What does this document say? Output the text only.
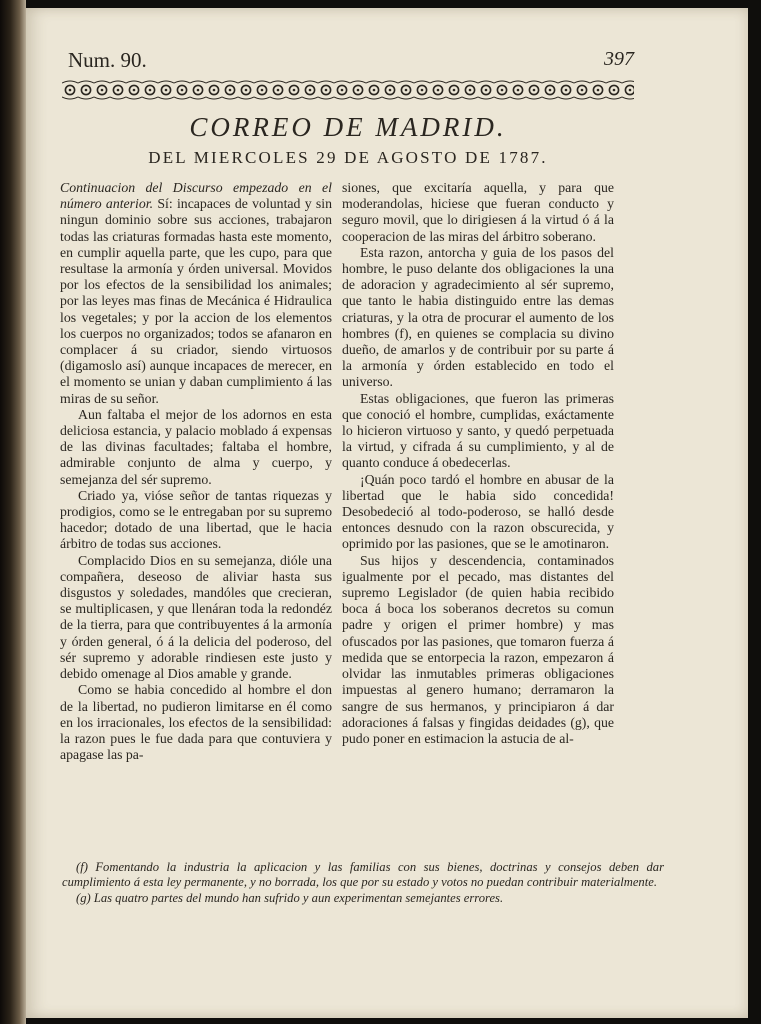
Num. 90.	397
CORREO DE MADRID.
DEL MIERCOLES 29 DE AGOSTO DE 1787.

Continuacion del Discurso empezado en el número anterior. Sí: incapaces de voluntad y sin ningun dominio sobre sus acciones, trabajaron todas las criaturas formadas hasta este momento, en cumplir aquella parte, que les cupo, para que resultase la armonía y órden universal. Movidos por los efectos de la sensibilidad los animales; por las leyes mas finas de Mecánica é Hidraulica los vegetales; y por la accion de los elementos los cuerpos no organizados; todos se afanaron en complacer á su criador, siendo virtuosos (digamoslo así) aunque incapaces de merecer, en el momento se unian y daban cumplimiento á las miras de su señor.

Aun faltaba el mejor de los adornos en esta deliciosa estancia, y palacio moblado á expensas de las divinas facultades; faltaba el hombre, admirable conjunto de alma y cuerpo, y semejanza del sér supremo.

Criado ya, vióse señor de tantas riquezas y prodigios, como se le entregaban por su supremo hacedor; dotado de una libertad, que le hacia árbitro de todas sus acciones.

Complacido Dios en su semejanza, dióle una compañera, deseoso de aliviar hasta sus disgustos y soledades, mandóles que crecieran, se multiplicasen, y que llenáran toda la redondéz de la tierra, para que contribuyentes á la armonía y órden general, ó á la delicia del poderoso, del sér supremo y adorable rindiesen este justo y debido omenage al Dios amable y grande.

Como se habia concedido al hombre el don de la libertad, no pudieron limitarse en él como en los irracionales, los efectos de la sensibilidad: la razon pues le fue dada para que contuviera y apagase las pa-

siones, que excitaría aquella, y para que moderandolas, hiciese que fueran conducto y seguro movil, que lo dirigiesen á la virtud ó á la cooperacion de las miras del árbitro soberano.

Esta razon, antorcha y guia de los pasos del hombre, le puso delante dos obligaciones la una de adoracion y agradecimiento al sér supremo, que tanto le habia distinguido entre las demas criaturas, y la otra de procurar el aumento de los hombres (f), en quienes se complacia su divino dueño, de amarlos y de contribuir por su parte á la armonía y órden establecido en todo el universo.

Estas obligaciones, que fueron las primeras que conoció el hombre, cumplidas, exáctamente lo hicieron virtuoso y santo, y quedó perpetuada la virtud, y cifrada á su cumplimiento, y al de quanto conduce á obedecerlas.

¡Quán poco tardó el hombre en abusar de la libertad que le habia sido concedida! Desobedeció al todo-poderoso, se halló desde entonces desnudo con la razon obscurecida, y oprimido por las pasiones, que se le amotinaron.

Sus hijos y descendencia, contaminados igualmente por el pecado, mas distantes del supremo Legislador (de quien habia recibido boca á boca los soberanos decretos su comun padre y origen el primer hombre) y mas ofuscados por las pasiones, que tomaron fuerza á medida que se entorpecia la razon, empezaron á olvidar las inmutables primeras obligaciones impuestas al genero humano; derramaron la sangre de sus hermanos, y principiaron á dar adoraciones á falsas y fingidas deidades (g), que pudo poner en estimacion la astucia de al-

(f) Fomentando la industria la aplicacion y las familias con sus bienes, doctrinas y consejos deben dar cumplimiento á esta ley permanente, y no borrada, los que por su estado y votos no puedan contribuir materialmente.

(g) Las quatro partes del mundo han sufrido y aun experimentan semejantes errores.
